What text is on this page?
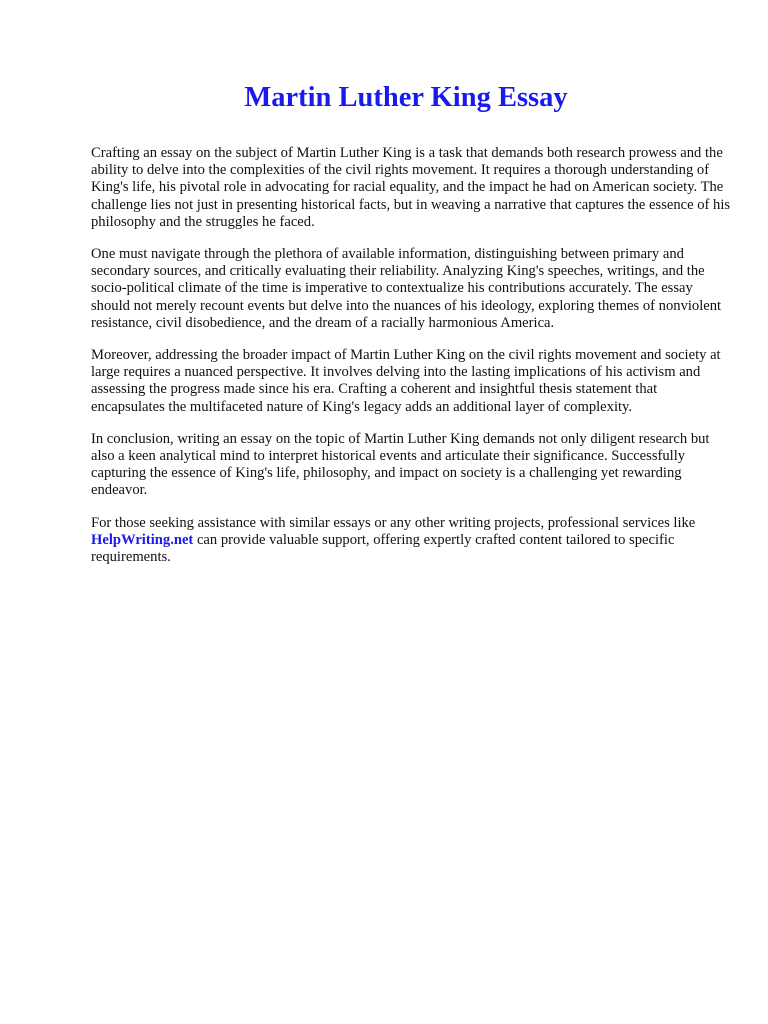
Martin Luther King Essay

Crafting an essay on the subject of Martin Luther King is a task that demands both research prowess and the ability to delve into the complexities of the civil rights movement. It requires a thorough understanding of King's life, his pivotal role in advocating for racial equality, and the impact he had on American society. The challenge lies not just in presenting historical facts, but in weaving a narrative that captures the essence of his philosophy and the struggles he faced.

One must navigate through the plethora of available information, distinguishing between primary and secondary sources, and critically evaluating their reliability. Analyzing King's speeches, writings, and the socio-political climate of the time is imperative to contextualize his contributions accurately. The essay should not merely recount events but delve into the nuances of his ideology, exploring themes of nonviolent resistance, civil disobedience, and the dream of a racially harmonious America.

Moreover, addressing the broader impact of Martin Luther King on the civil rights movement and society at large requires a nuanced perspective. It involves delving into the lasting implications of his activism and assessing the progress made since his era. Crafting a coherent and insightful thesis statement that encapsulates the multifaceted nature of King's legacy adds an additional layer of complexity.

In conclusion, writing an essay on the topic of Martin Luther King demands not only diligent research but also a keen analytical mind to interpret historical events and articulate their significance. Successfully capturing the essence of King's life, philosophy, and impact on society is a challenging yet rewarding endeavor.

For those seeking assistance with similar essays or any other writing projects, professional services like HelpWriting.net can provide valuable support, offering expertly crafted content tailored to specific requirements.
